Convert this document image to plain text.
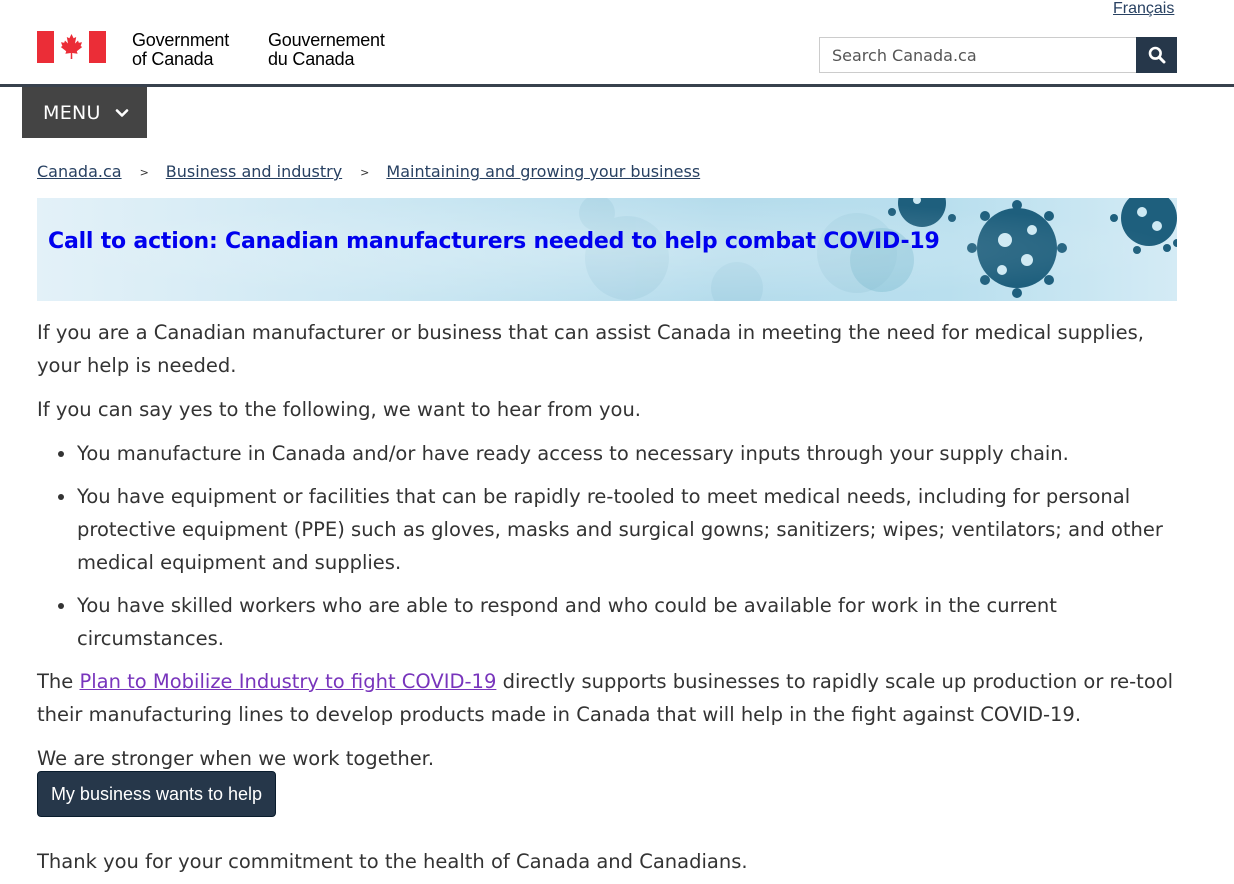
Français
Government
of Canada
Gouvernement
du Canada
Search Canada.ca
MENU
Canada.ca > Business and industry > Maintaining and growing your business
Call to action: Canadian manufacturers needed to help combat COVID-19

If you are a Canadian manufacturer or business that can assist Canada in meeting the need for medical supplies, your help is needed.

If you can say yes to the following, we want to hear from you.

• You manufacture in Canada and/or have ready access to necessary inputs through your supply chain.
• You have equipment or facilities that can be rapidly re-tooled to meet medical needs, including for personal protective equipment (PPE) such as gloves, masks and surgical gowns; sanitizers; wipes; ventilators; and other medical equipment and supplies.
• You have skilled workers who are able to respond and who could be available for work in the current circumstances.

The Plan to Mobilize Industry to fight COVID-19 directly supports businesses to rapidly scale up production or re-tool their manufacturing lines to develop products made in Canada that will help in the fight against COVID-19.

We are stronger when we work together.

My business wants to help

Thank you for your commitment to the health of Canada and Canadians.
